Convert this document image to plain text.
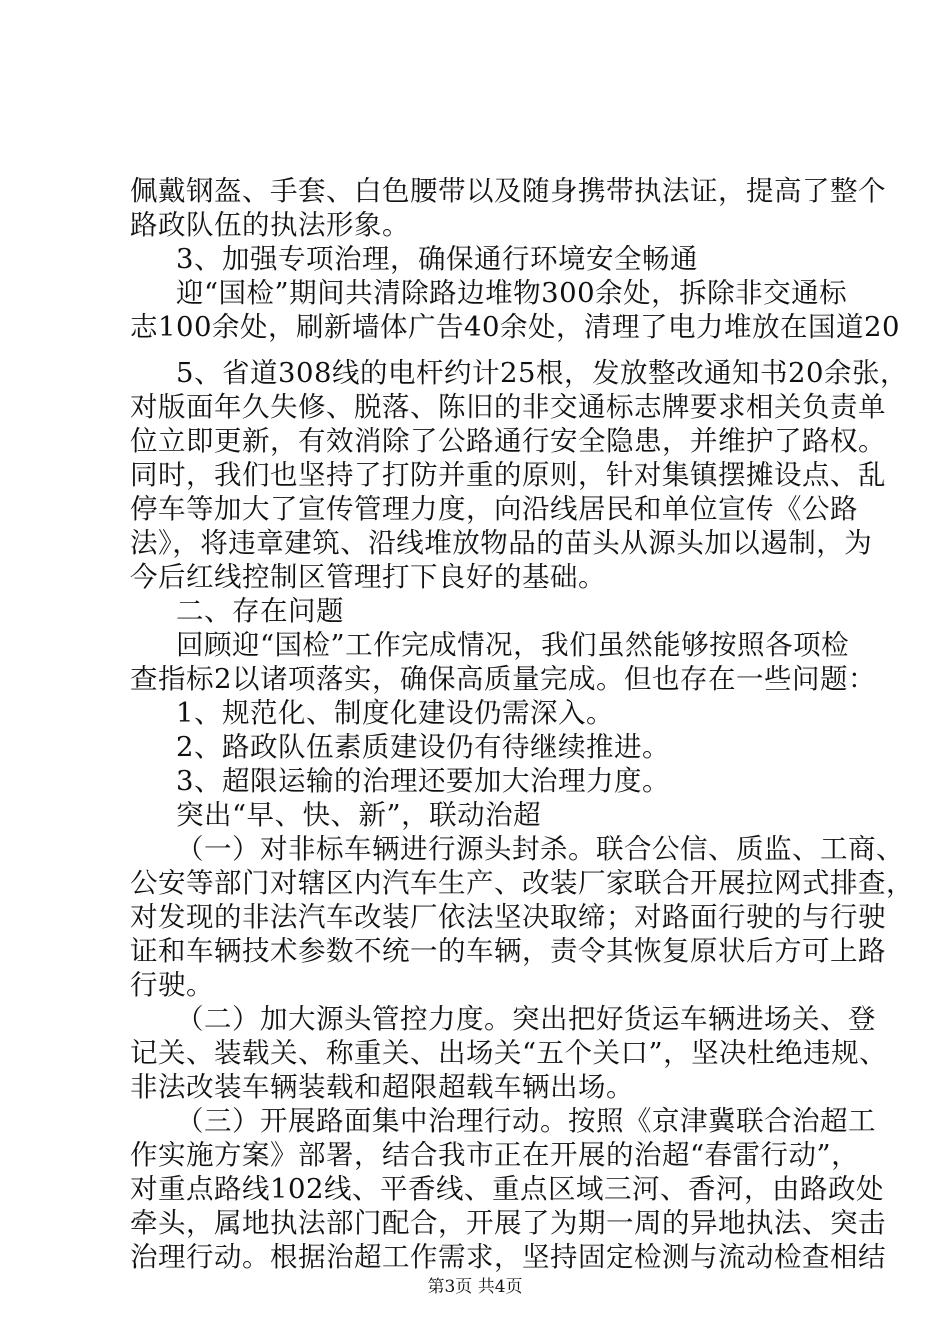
佩戴钢盔、手套、白色腰带以及随身携带执法证，提高了整个
路政队伍的执法形象。
3、加强专项治理，确保通行环境安全畅通
迎“国检”期间共清除路边堆物300余处，拆除非交通标
志100余处，刷新墙体广告40余处，清理了电力堆放在国道20
5、省道308线的电杆约计25根，发放整改通知书20余张，
对版面年久失修、脱落、陈旧的非交通标志牌要求相关负责单
位立即更新，有效消除了公路通行安全隐患，并维护了路权。
同时，我们也坚持了打防并重的原则，针对集镇摆摊设点、乱
停车等加大了宣传管理力度，向沿线居民和单位宣传《公路
法》，将违章建筑、沿线堆放物品的苗头从源头加以遏制，为
今后红线控制区管理打下良好的基础。
二、存在问题
回顾迎“国检”工作完成情况，我们虽然能够按照各项检
查指标2以诸项落实，确保高质量完成。但也存在一些问题：
1、规范化、制度化建设仍需深入。
2、路政队伍素质建设仍有待继续推进。
3、超限运输的治理还要加大治理力度。
突出“早、快、新”，联动治超
（一）对非标车辆进行源头封杀。联合公信、质监、工商、
公安等部门对辖区内汽车生产、改装厂家联合开展拉网式排查，
对发现的非法汽车改装厂依法坚决取缔；对路面行驶的与行驶
证和车辆技术参数不统一的车辆，责令其恢复原状后方可上路
行驶。
（二）加大源头管控力度。突出把好货运车辆进场关、登
记关、装载关、称重关、出场关“五个关口”，坚决杜绝违规、
非法改装车辆装载和超限超载车辆出场。
（三）开展路面集中治理行动。按照《京津冀联合治超工
作实施方案》部署，结合我市正在开展的治超“春雷行动”，
对重点路线102线、平香线、重点区域三河、香河，由路政处
牵头，属地执法部门配合，开展了为期一周的异地执法、突击
治理行动。根据治超工作需求，坚持固定检测与流动检查相结
第3页 共4页
